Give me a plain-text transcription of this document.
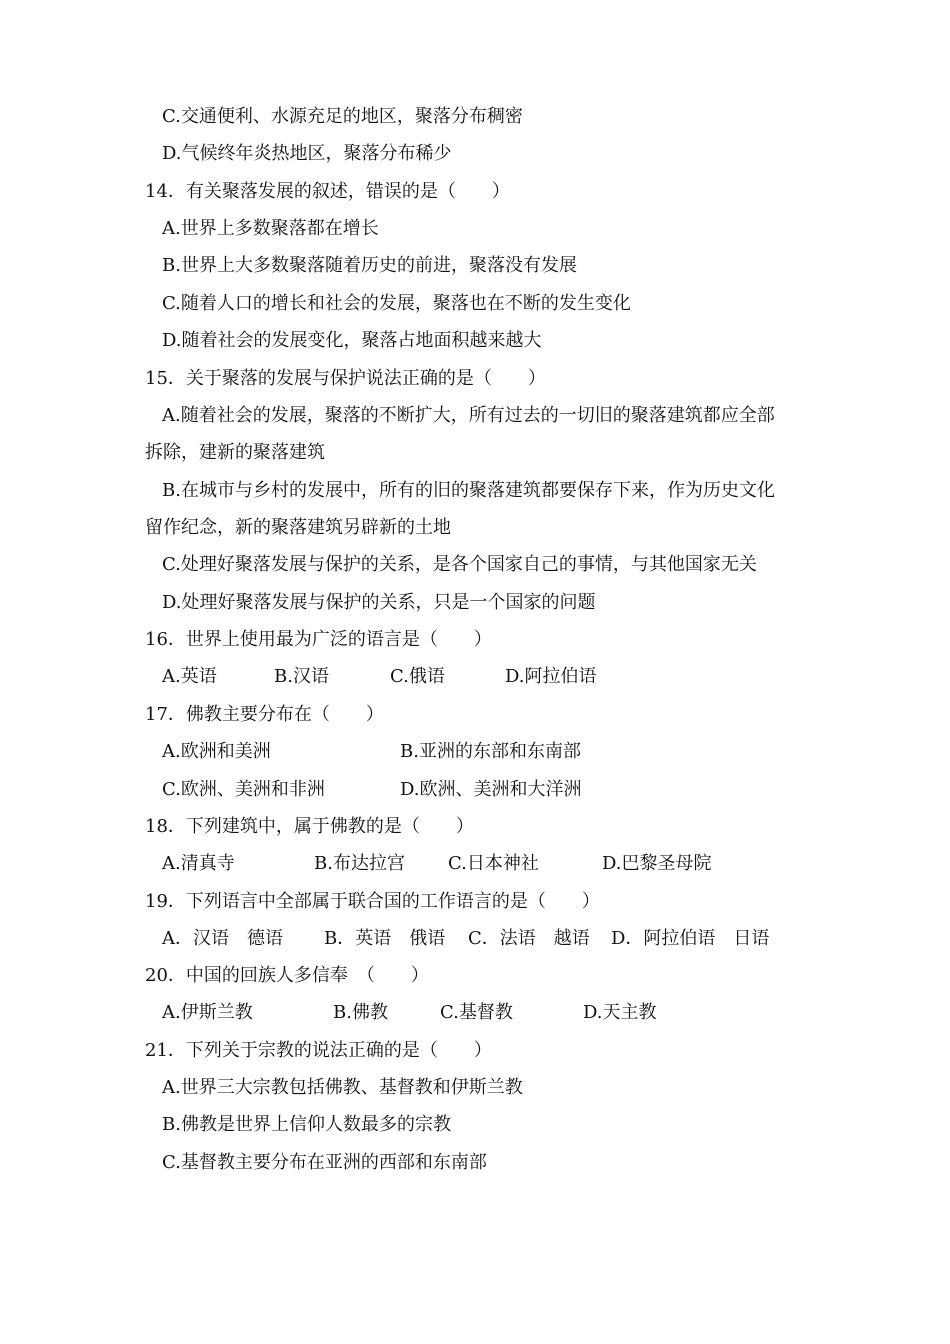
C.交通便利、水源充足的地区，聚落分布稠密
D.气候终年炎热地区，聚落分布稀少
14．有关聚落发展的叙述，错误的是（　　）
A.世界上多数聚落都在增长
B.世界上大多数聚落随着历史的前进，聚落没有发展
C.随着人口的增长和社会的发展，聚落也在不断的发生变化
D.随着社会的发展变化，聚落占地面积越来越大
15．关于聚落的发展与保护说法正确的是（　　）
A.随着社会的发展，聚落的不断扩大，所有过去的一切旧的聚落建筑都应全部
拆除，建新的聚落建筑
B.在城市与乡村的发展中，所有的旧的聚落建筑都要保存下来，作为历史文化
留作纪念，新的聚落建筑另辟新的土地
C.处理好聚落发展与保护的关系，是各个国家自己的事情，与其他国家无关
D.处理好聚落发展与保护的关系，只是一个国家的问题
16．世界上使用最为广泛的语言是（　　）

A.英语

	B.汉语

	C.俄语

	D.阿拉伯语

17．佛教主要分布在（　　）

A.欧洲和美洲

	B.亚洲的东部和东南部

C.欧洲、美洲和非洲

	D.欧洲、美洲和大洋洲

18．下列建筑中，属于佛教的是（　　）

A.清真寺

	B.布达拉宫

C.日本神社

	D.巴黎圣母院

19．下列语言中全部属于联合国的工作语言的是（　　）

A．汉语　德语

B．英语　俄语

C．法语　越语

D．阿拉伯语　日语

20．中国的回族人多信奉　（　　）

A.伊斯兰教

	B.佛教

	C.基督教

	D.天主教

21．下列关于宗教的说法正确的是（　　）
A.世界三大宗教包括佛教、基督教和伊斯兰教
B.佛教是世界上信仰人数最多的宗教
C.基督教主要分布在亚洲的西部和东南部
